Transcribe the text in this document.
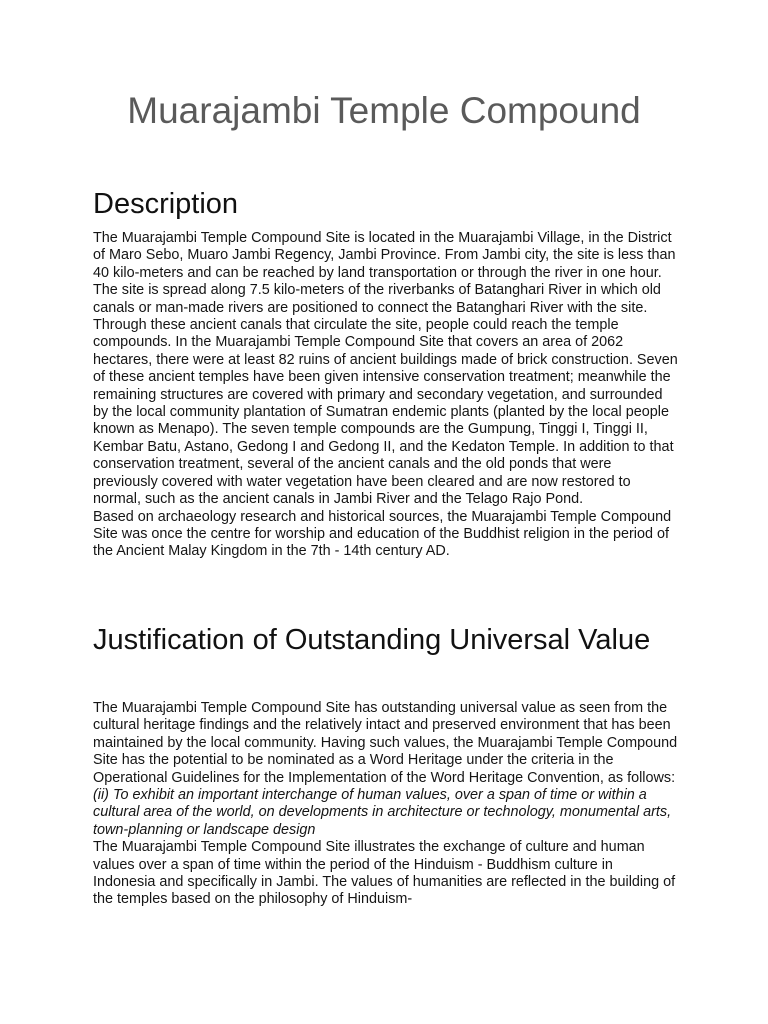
Muarajambi Temple Compound
Description

The Muarajambi Temple Compound Site is located in the Muarajambi Village, in the District of Maro Sebo, Muaro Jambi Regency, Jambi Province. From Jambi city, the site is less than 40 kilo-meters and can be reached by land transportation or through the river in one hour. The site is spread along 7.5 kilo-meters of the riverbanks of Batanghari River in which old canals or man-made rivers are positioned to connect the Batanghari River with the site. Through these ancient canals that circulate the site, people could reach the temple compounds. In the Muarajambi Temple Compound Site that covers an area of 2062 hectares, there were at least 82 ruins of ancient buildings made of brick construction. Seven of these ancient temples have been given intensive conservation treatment; meanwhile the remaining structures are covered with primary and secondary vegetation, and surrounded by the local community plantation of Sumatran endemic plants (planted by the local people known as Menapo). The seven temple compounds are the Gumpung, Tinggi I, Tinggi II, Kembar Batu, Astano, Gedong I and Gedong II, and the Kedaton Temple. In addition to that conservation treatment, several of the ancient canals and the old ponds that were previously covered with water vegetation have been cleared and are now restored to normal, such as the ancient canals in Jambi River and the Telago Rajo Pond.

Based on archaeology research and historical sources, the Muarajambi Temple Compound Site was once the centre for worship and education of the Buddhist religion in the period of the Ancient Malay Kingdom in the 7th - 14th century AD.

Justification of Outstanding Universal Value

The Muarajambi Temple Compound Site has outstanding universal value as seen from the cultural heritage findings and the relatively intact and preserved environment that has been maintained by the local community. Having such values, the Muarajambi Temple Compound Site has the potential to be nominated as a Word Heritage under the criteria in the Operational Guidelines for the Implementation of the Word Heritage Convention, as follows:

(ii) To exhibit an important interchange of human values, over a span of time or within a cultural area of the world, on developments in architecture or technology, monumental arts, town-planning or landscape design

The Muarajambi Temple Compound Site illustrates the exchange of culture and human values over a span of time within the period of the Hinduism - Buddhism culture in Indonesia and specifically in Jambi. The values of humanities are reflected in the building of the temples based on the philosophy of Hinduism-
